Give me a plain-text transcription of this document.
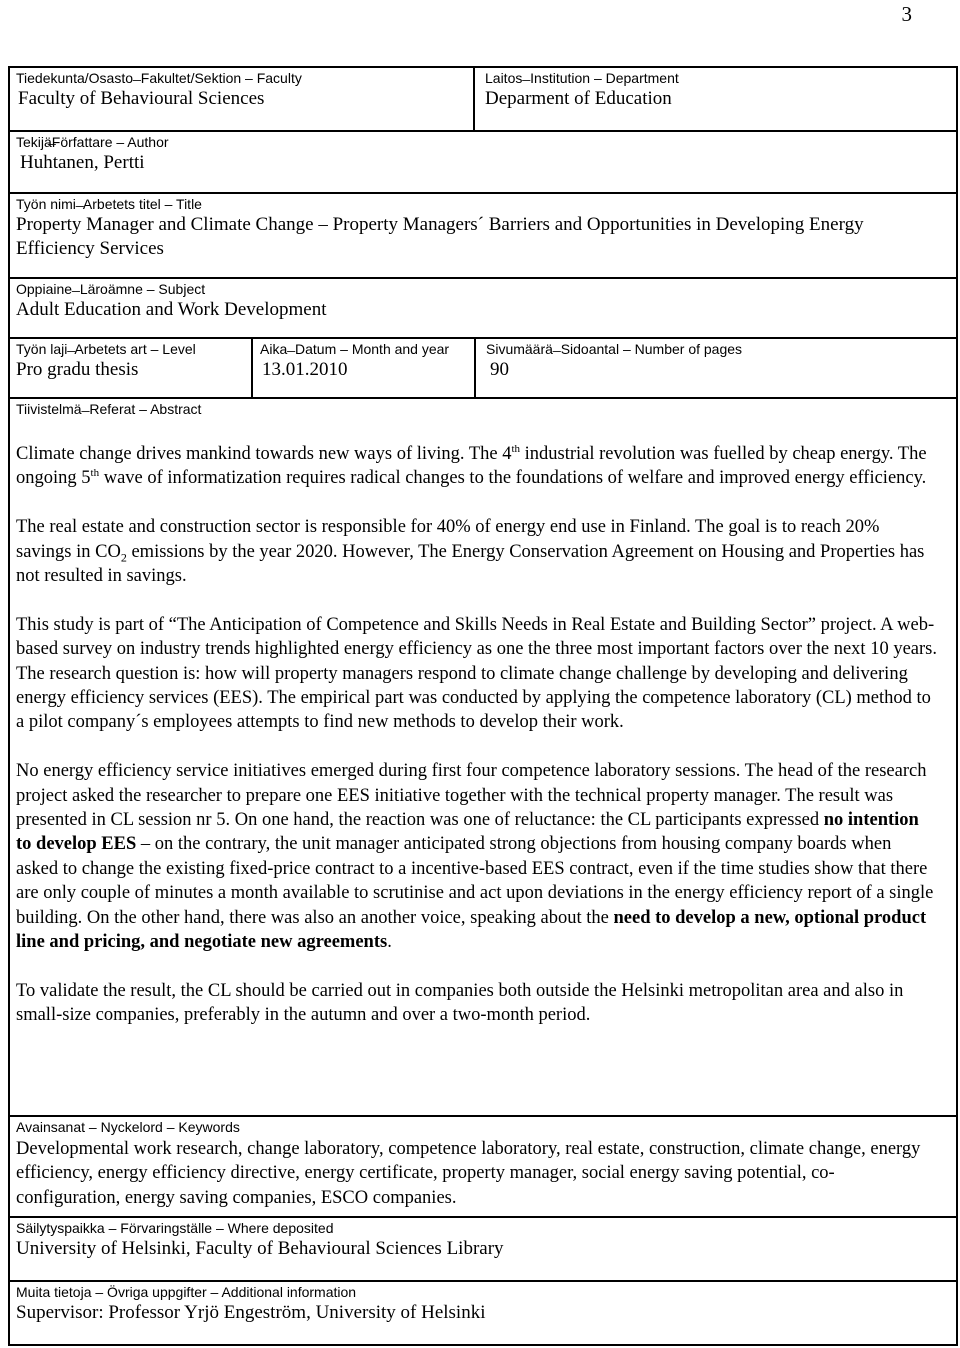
3
Tiedekunta/Osasto ̶ Fakultet/Sektion – Faculty
Faculty of Behavioural Sciences
Laitos ̶ Institution – Department
Deparment of Education
Tekijä̶Författare – Author
Huhtanen, Pertti
Työn nimi ̶ Arbetets titel – Title
Property Manager and Climate Change – Property Managers´ Barriers and Opportunities in Developing Energy Efficiency Services
Oppiaine ̶ Läroämne – Subject
Adult Education and Work Development
Työn laji ̶ Arbetets art – Level
Pro gradu thesis
Aika ̶ Datum – Month and year
13.01.2010
Sivumäärä ̶ Sidoantal – Number of pages
90
Tiivistelmä ̶ Referat – Abstract

Climate change drives mankind towards new ways of living. The 4th industrial revolution was fuelled by cheap energy. The ongoing 5th wave of informatization requires radical changes to the foundations of welfare and improved energy efficiency.

The real estate and construction sector is responsible for 40% of energy end use in Finland. The goal is to reach 20% savings in $CO_2$ emissions by the year 2020. However, The Energy Conservation Agreement on Housing and Properties has not resulted in savings.

This study is part of “The Anticipation of Competence and Skills Needs in Real Estate and Building Sector” project. A web-based survey on industry trends highlighted energy efficiency as one the three most important factors over the next 10 years. The research question is: how will property managers respond to climate change challenge by developing and delivering energy efficiency services (EES). The empirical part was conducted by applying the competence laboratory (CL) method to a pilot company´s employees attempts to find new methods to develop their work.

No energy efficiency service initiatives emerged during first four competence laboratory sessions. The head of the research project asked the researcher to prepare one EES initiative together with the technical property manager. The result was presented in CL session nr 5. On one hand, the reaction was one of reluctance: the CL participants expressed no intention to develop EES – on the contrary, the unit manager anticipated strong objections from housing company boards when asked to change the existing fixed-price contract to a incentive-based EES contract, even if the time studies show that there are only couple of minutes a month available to scrutinise and act upon deviations in the energy efficiency report of a single building. On the other hand, there was also an another voice, speaking about the need to develop a new, optional product line and pricing, and negotiate new agreements.

To validate the result, the CL should be carried out in companies both outside the Helsinki metropolitan area and also in small-size companies, preferably in the autumn and over a two-month period.

Avainsanat – Nyckelord – Keywords
Developmental work research, change laboratory, competence laboratory, real estate, construction, climate change, energy efficiency, energy efficiency directive, energy certificate, property manager, social energy saving potential, co-configuration, energy saving companies, ESCO companies.
Säilytyspaikka – Förvaringställe – Where deposited
University of Helsinki, Faculty of Behavioural Sciences Library
Muita tietoja – Övriga uppgifter – Additional information
Supervisor: Professor Yrjö Engeström, University of Helsinki
